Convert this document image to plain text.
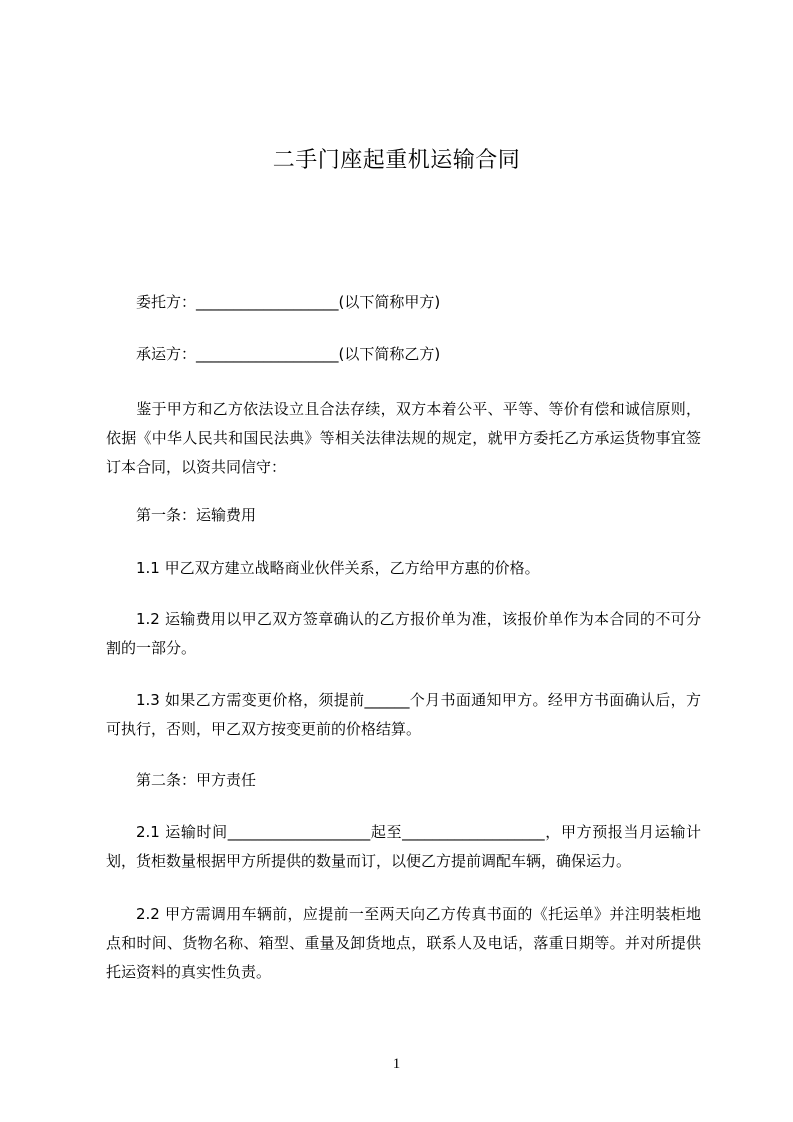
二手门座起重机运输合同
委托方：___________________(以下简称甲方)
承运方：___________________(以下简称乙方)
鉴于甲方和乙方依法设立且合法存续，双方本着公平、平等、等价有偿和诚信原则，依据《中华人民共和国民法典》等相关法律法规的规定，就甲方委托乙方承运货物事宜签订本合同，以资共同信守：
第一条：运输费用
1.1 甲乙双方建立战略商业伙伴关系，乙方给甲方惠的价格。
1.2 运输费用以甲乙双方签章确认的乙方报价单为准，该报价单作为本合同的不可分割的一部分。
1.3 如果乙方需变更价格，须提前______个月书面通知甲方。经甲方书面确认后，方可执行，否则，甲乙双方按变更前的价格结算。
第二条：甲方责任
2.1 运输时间___________________起至___________________，甲方预报当月运输计划，货柜数量根据甲方所提供的数量而订，以便乙方提前调配车辆，确保运力。
2.2 甲方需调用车辆前，应提前一至两天向乙方传真书面的《托运单》并注明装柜地点和时间、货物名称、箱型、重量及卸货地点，联系人及电话，落重日期等。并对所提供托运资料的真实性负责。
1
